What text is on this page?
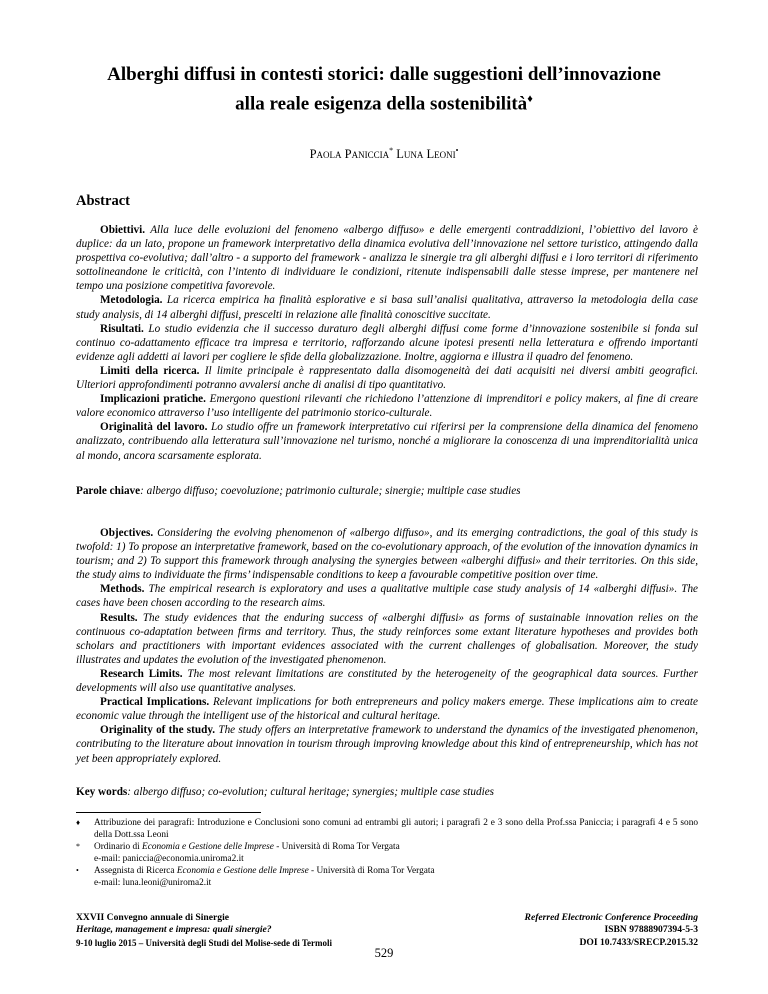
Alberghi diffusi in contesti storici: dalle suggestioni dell’innovazione
alla reale esigenza della sostenibilità♦
Paola Paniccia* Luna Leoni•
Abstract

Obiettivi. Alla luce delle evoluzioni del fenomeno «albergo diffuso» e delle emergenti contraddizioni, l’obiettivo del lavoro è duplice: da un lato, propone un framework interpretativo della dinamica evolutiva dell’innovazione nel settore turistico, attingendo dalla prospettiva co-evolutiva; dall’altro - a supporto del framework - analizza le sinergie tra gli alberghi diffusi e i loro territori di riferimento sottolineandone le criticità, con l’intento di individuare le condizioni, ritenute indispensabili dalle stesse imprese, per mantenere nel tempo una posizione competitiva favorevole.

Metodologia. La ricerca empirica ha finalità esplorative e si basa sull’analisi qualitativa, attraverso la metodologia della case study analysis, di 14 alberghi diffusi, prescelti in relazione alle finalità conoscitive succitate.

Risultati. Lo studio evidenzia che il successo duraturo degli alberghi diffusi come forme d’innovazione sostenibile si fonda sul continuo co-adattamento efficace tra impresa e territorio, rafforzando alcune ipotesi presenti nella letteratura e offrendo importanti evidenze agli addetti ai lavori per cogliere le sfide della globalizzazione. Inoltre, aggiorna e illustra il quadro del fenomeno.

Limiti della ricerca. Il limite principale è rappresentato dalla disomogeneità dei dati acquisiti nei diversi ambiti geografici. Ulteriori approfondimenti potranno avvalersi anche di analisi di tipo quantitativo.

Implicazioni pratiche. Emergono questioni rilevanti che richiedono l’attenzione di imprenditori e policy makers, al fine di creare valore economico attraverso l’uso intelligente del patrimonio storico-culturale.

Originalità del lavoro. Lo studio offre un framework interpretativo cui riferirsi per la comprensione della dinamica del fenomeno analizzato, contribuendo alla letteratura sull’innovazione nel turismo, nonché a migliorare la conoscenza di una imprenditorialità unica al mondo, ancora scarsamente esplorata.

Parole chiave: albergo diffuso; coevoluzione; patrimonio culturale; sinergie; multiple case studies

Objectives. Considering the evolving phenomenon of «albergo diffuso», and its emerging contradictions, the goal of this study is twofold: 1) To propose an interpretative framework, based on the co-evolutionary approach, of the evolution of the innovation dynamics in tourism; and 2) To support this framework through analysing the synergies between «alberghi diffusi» and their territories. On this side, the study aims to individuate the firms’ indispensable conditions to keep a favourable competitive position over time.

Methods. The empirical research is exploratory and uses a qualitative multiple case study analysis of 14 «alberghi diffusi». The cases have been chosen according to the research aims.

Results. The study evidences that the enduring success of «alberghi diffusi» as forms of sustainable innovation relies on the continuous co-adaptation between firms and territory. Thus, the study reinforces some extant literature hypotheses and provides both scholars and practitioners with important evidences associated with the current challenges of globalisation. Moreover, the study illustrates and updates the evolution of the investigated phenomenon.

Research Limits. The most relevant limitations are constituted by the heterogeneity of the geographical data sources. Further developments will also use quantitative analyses.

Practical Implications. Relevant implications for both entrepreneurs and policy makers emerge. These implications aim to create economic value through the intelligent use of the historical and cultural heritage.

Originality of the study. The study offers an interpretative framework to understand the dynamics of the investigated phenomenon, contributing to the literature about innovation in tourism through improving knowledge about this kind of entrepreneurship, which has not yet been appropriately explored.

Key words: albergo diffuso; co-evolution; cultural heritage; synergies; multiple case studies
♦ Attribuzione dei paragrafi: Introduzione e Conclusioni sono comuni ad entrambi gli autori; i paragrafi 2 e 3 sono della Prof.ssa Paniccia; i paragrafi 4 e 5 sono della Dott.ssa Leoni
* Ordinario di Economia e Gestione delle Imprese - Università di Roma Tor Vergata
e-mail: paniccia@economia.uniroma2.it
• Assegnista di Ricerca Economia e Gestione delle Imprese - Università di Roma Tor Vergata
e-mail: luna.leoni@uniroma2.it
XXVII Convegno annuale di Sinergie
Heritage, management e impresa: quali sinergie?
9-10 luglio 2015 – Università degli Studi del Molise-sede di Termoli
Referred Electronic Conference Proceeding
ISBN 97888907394-5-3
DOI 10.7433/SRECP.2015.32
529
